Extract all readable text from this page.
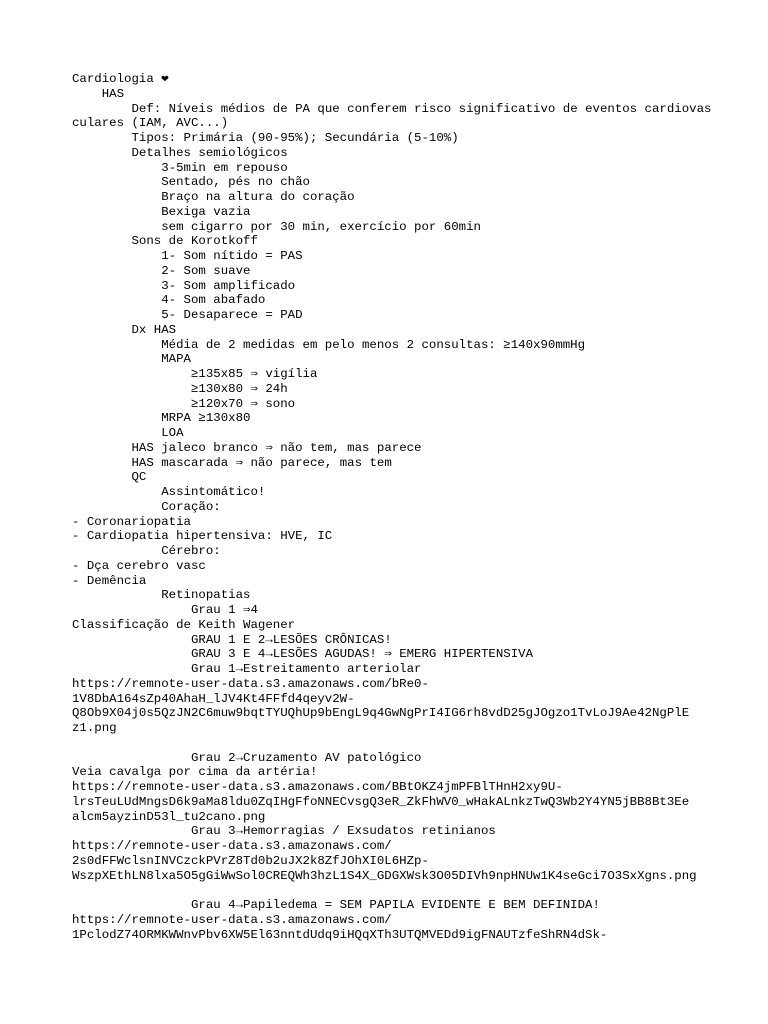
Cardiologia ❤
HAS
Def: Níveis médios de PA que conferem risco significativo de eventos cardiovasculares (IAM, AVC...)
Tipos: Primária (90-95%); Secundária (5-10%)
Detalhes semiológicos
3-5min em repouso
Sentado, pés no chão
Braço na altura do coração
Bexiga vazia
sem cigarro por 30 min, exercício por 60min
Sons de Korotkoff
1- Som nítido = PAS
2- Som suave
3- Som amplificado
4- Som abafado
5- Desaparece = PAD
Dx HAS
Média de 2 medidas em pelo menos 2 consultas: ≥140x90mmHg
MAPA
≥135x85 ⇒ vigília
≥130x80 ⇒ 24h
≥120x70 ⇒ sono
MRPA ≥130x80
LOA
HAS jaleco branco ⇒ não tem, mas parece
HAS mascarada ⇒ não parece, mas tem
QC
Assintomático!
Coração:
- Coronariopatia
- Cardiopatia hipertensiva: HVE, IC
Cérebro:
- Dça cerebro vasc
- Demência
Retinopatias
Grau 1 ⇒4
Classificação de Keith Wagener
GRAU 1 E 2→LESÕES CRÔNICAS!
GRAU 3 E 4→LESÕES AGUDAS! ⇒ EMERG HIPERTENSIVA
Grau 1→Estreitamento arteriolar
https://remnote-user-data.s3.amazonaws.com/bRe0-
1V8DbA164sZp40AhaH_lJV4Kt4FFfd4qeyv2W-
Q8Ob9X04j0s5QzJN2C6muw9bqtTYUQhUp9bEngL9q4GwNgPrI4IG6rh8vdD25gJOgzo1TvLoJ9Ae42NgPlE
z1.png
Grau 2→Cruzamento AV patológico
Veia cavalga por cima da artéria!
https://remnote-user-data.s3.amazonaws.com/BBtOKZ4jmPFBlTHnH2xy9U-
lrsTeuLUdMngsD6k9aMa8ldu0ZqIHgFfoNNECvsgQ3eR_ZkFhWV0_wHakALnkzTwQ3Wb2Y4YN5jBB8Bt3Ee
alcm5ayzinD53l_tu2cano.png
Grau 3→Hemorragias / Exsudatos retinianos
https://remnote-user-data.s3.amazonaws.com/
2s0dFFWclsnINVCzckPVrZ8Td0b2uJX2k8ZfJOhXI0L6HZp-
WszpXEthLN8lxa5O5gGiWwSol0CREQWh3hzL1S4X_GDGXWsk3O05DIVh9npHNUw1K4seGci7O3SxXgns.png
Grau 4→Papiledema = SEM PAPILA EVIDENTE E BEM DEFINIDA!
https://remnote-user-data.s3.amazonaws.com/
1PclodZ74ORMKWWnvPbv6XW5El63nntdUdq9iHQqXTh3UTQMVEDd9igFNAUTzfeShRN4dSk-
